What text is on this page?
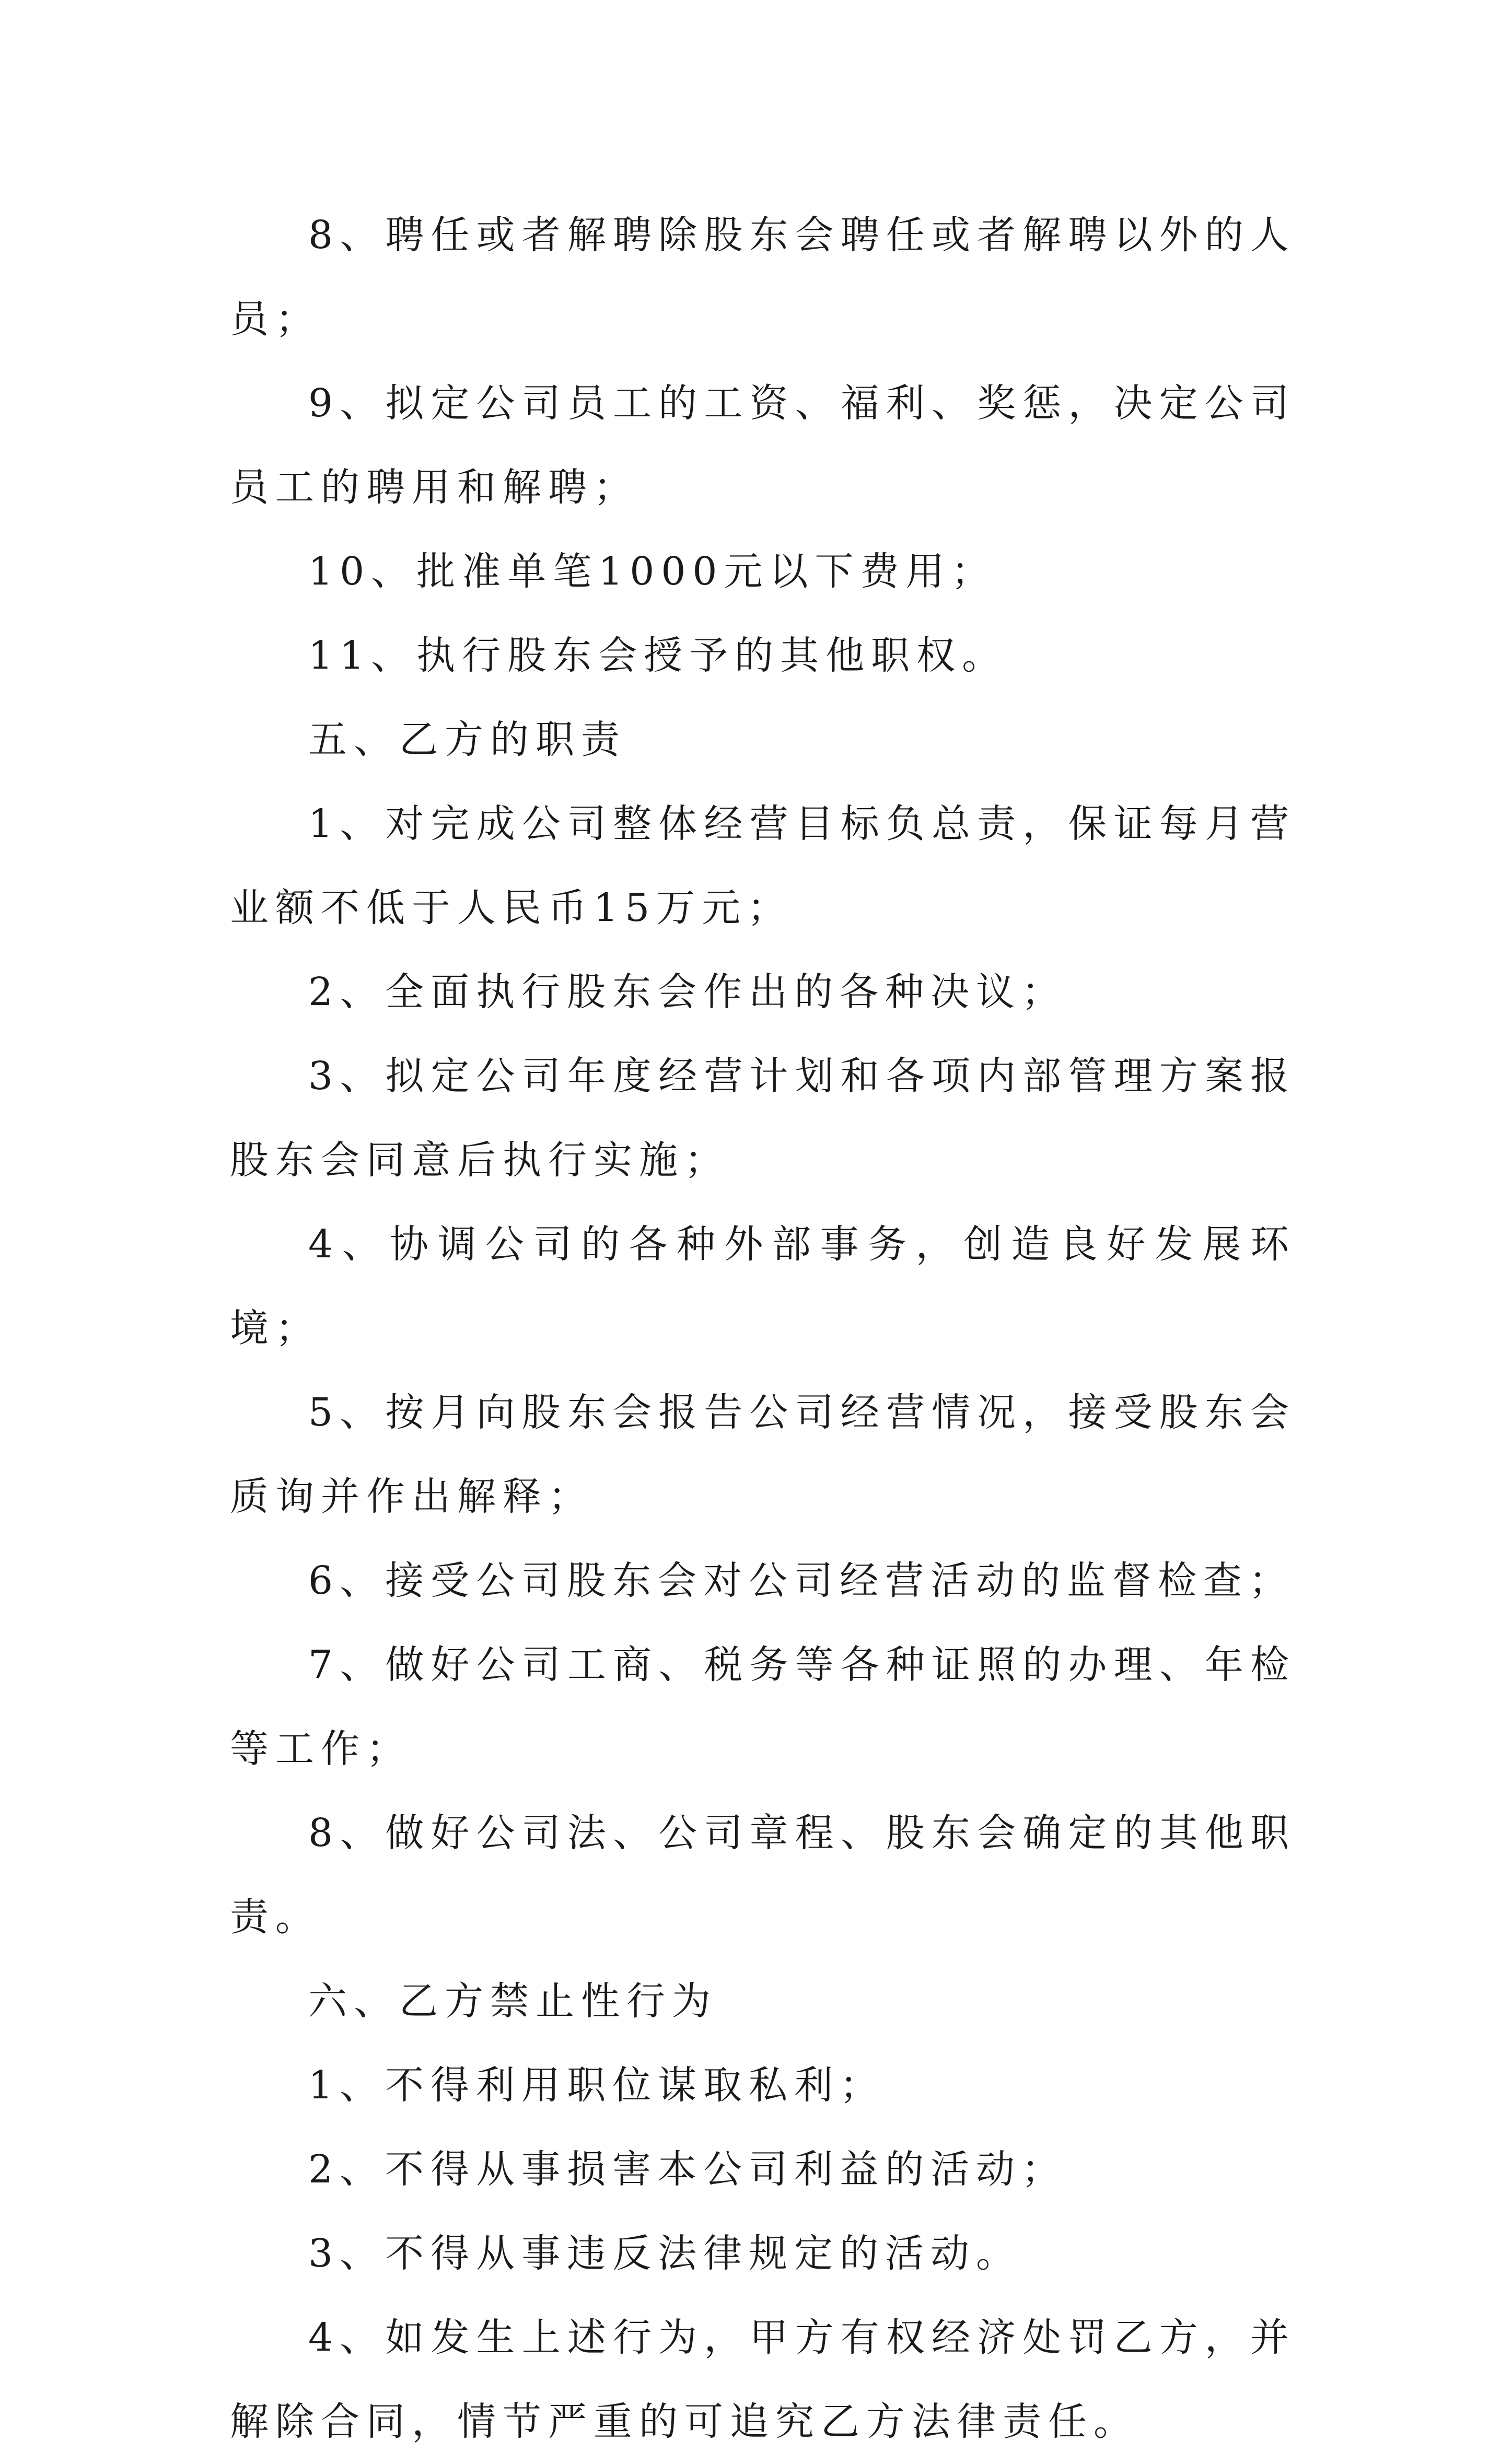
8、聘任或者解聘除股东会聘任或者解聘以外的人员；

9、拟定公司员工的工资、福利、奖惩，决定公司员工的聘用和解聘；

10、批准单笔1000元以下费用；

11、执行股东会授予的其他职权。

五、乙方的职责

1、对完成公司整体经营目标负总责，保证每月营业额不低于人民币15万元；

2、全面执行股东会作出的各种决议；

3、拟定公司年度经营计划和各项内部管理方案报股东会同意后执行实施；

4、协调公司的各种外部事务，创造良好发展环境；

5、按月向股东会报告公司经营情况，接受股东会质询并作出解释；

6、接受公司股东会对公司经营活动的监督检查；

7、做好公司工商、税务等各种证照的办理、年检等工作；

8、做好公司法、公司章程、股东会确定的其他职责。

六、乙方禁止性行为

1、不得利用职位谋取私利；

2、不得从事损害本公司利益的活动；

3、不得从事违反法律规定的活动。

4、如发生上述行为，甲方有权经济处罚乙方，并解除合同，情节严重的可追究乙方法律责任。
